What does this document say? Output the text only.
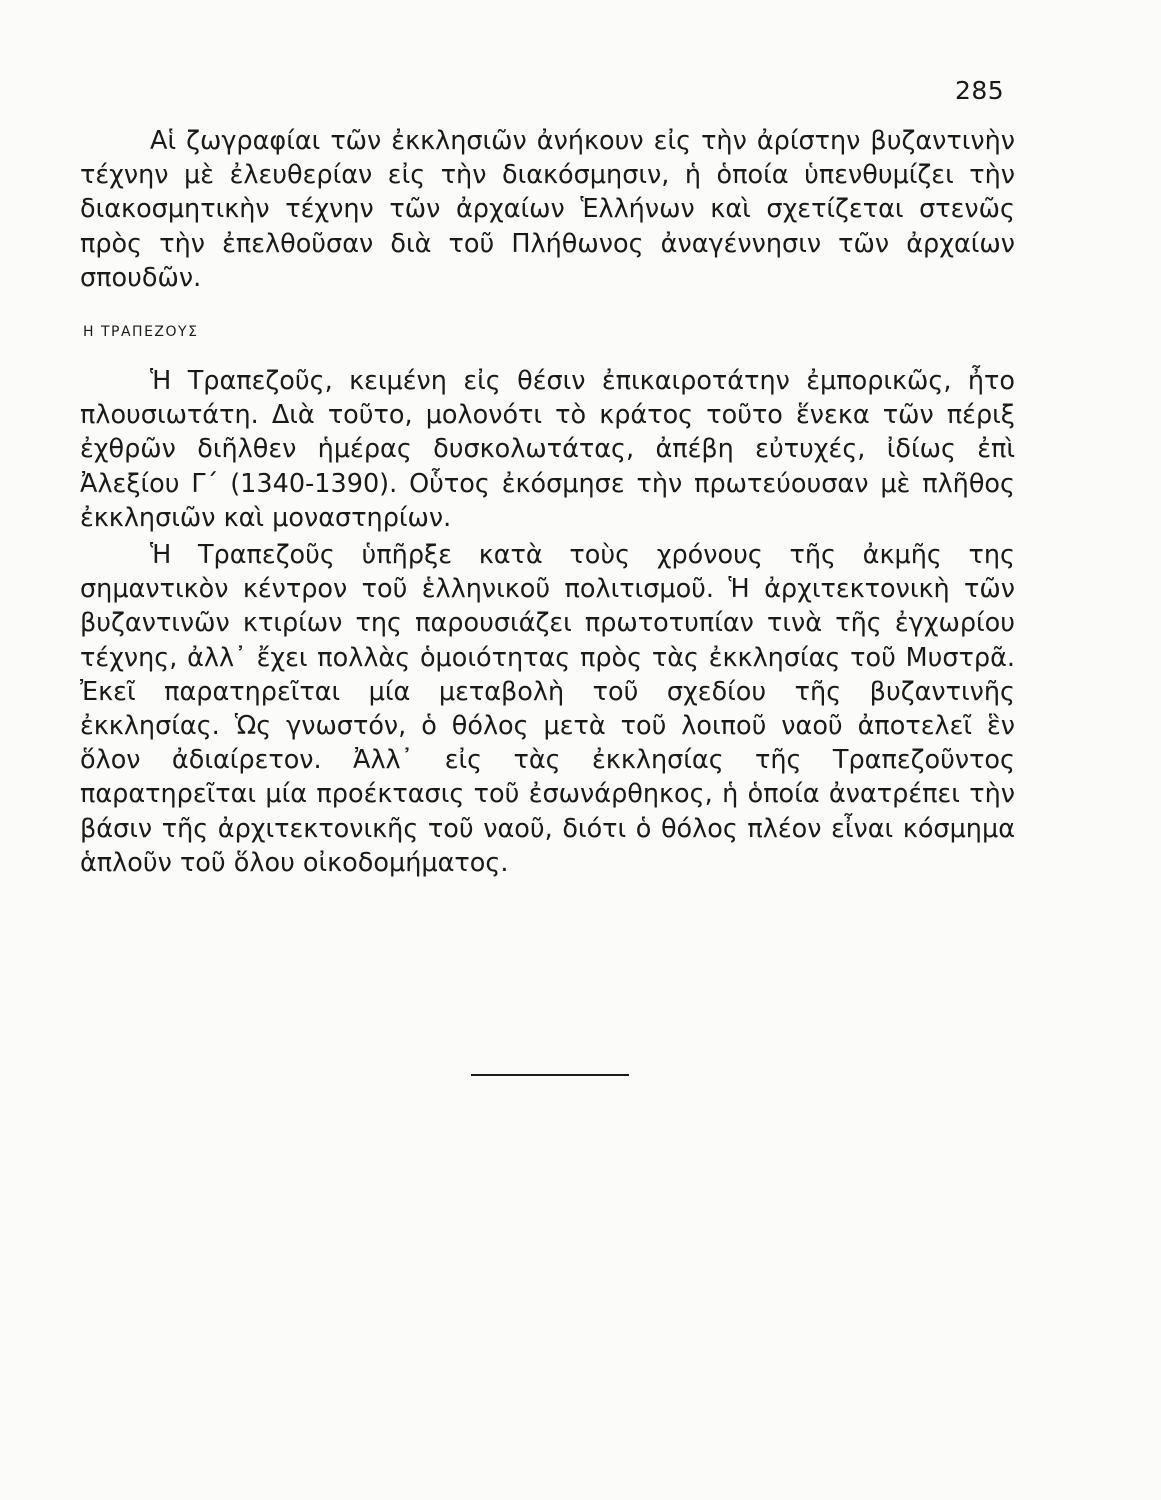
285

Αἱ ζωγραφίαι τῶν ἐκκλησιῶν ἀνήκουν εἰς τὴν ἀρίστην βυζαντινὴν τέχνην μὲ ἐλευθερίαν εἰς τὴν διακόσμησιν, ἡ ὁποία ὑπενθυμίζει τὴν διακοσμητικὴν τέχνην τῶν ἀρχαίων Ἑλλήνων καὶ σχετίζεται στενῶς πρὸς τὴν ἐπελθοῦσαν διὰ τοῦ Πλήθωνος ἀναγέννησιν τῶν ἀρχαίων σπουδῶν.

Η ΤΡΑΠΕΖΟΥΣ

Ἡ Τραπεζοῦς, κειμένη εἰς θέσιν ἐπικαιροτάτην ἐμπορικῶς, ἦτο πλουσιωτάτη. Διὰ τοῦτο, μολονότι τὸ κράτος τοῦτο ἕνεκα τῶν πέριξ ἐχθρῶν διῆλθεν ἡμέρας δυσκολωτάτας, ἀπέβη εὐτυχές, ἰδίως ἐπὶ Ἀλεξίου Γ΄ (1340-1390). Οὗτος ἐκόσμησε τὴν πρωτεύουσαν μὲ πλῆθος ἐκκλησιῶν καὶ μοναστηρίων.

Ἡ Τραπεζοῦς ὑπῆρξε κατὰ τοὺς χρόνους τῆς ἀκμῆς της σημαντικὸν κέντρον τοῦ ἑλληνικοῦ πολιτισμοῦ. Ἡ ἀρχιτεκτονικὴ τῶν βυζαντινῶν κτιρίων της παρουσιάζει πρωτοτυπίαν τινὰ τῆς ἐγχωρίου τέχνης, ἀλλ᾿ ἔχει πολλὰς ὁμοιότητας πρὸς τὰς ἐκκλησίας τοῦ Μυστρᾶ. Ἐκεῖ παρατηρεῖται μία μεταβολὴ τοῦ σχεδίου τῆς βυζαντινῆς ἐκκλησίας. Ὡς γνωστόν, ὁ θόλος μετὰ τοῦ λοιποῦ ναοῦ ἀποτελεῖ ἓν ὅλον ἀδιαίρετον. Ἀλλ᾿ εἰς τὰς ἐκκλησίας τῆς Τραπεζοῦντος παρατηρεῖται μία προέκτασις τοῦ ἐσωνάρθηκος, ἡ ὁποία ἀνατρέπει τὴν βάσιν τῆς ἀρχιτεκτονικῆς τοῦ ναοῦ, διότι ὁ θόλος πλέον εἶναι κόσμημα ἁπλοῦν τοῦ ὅλου οἰκοδομήματος.
